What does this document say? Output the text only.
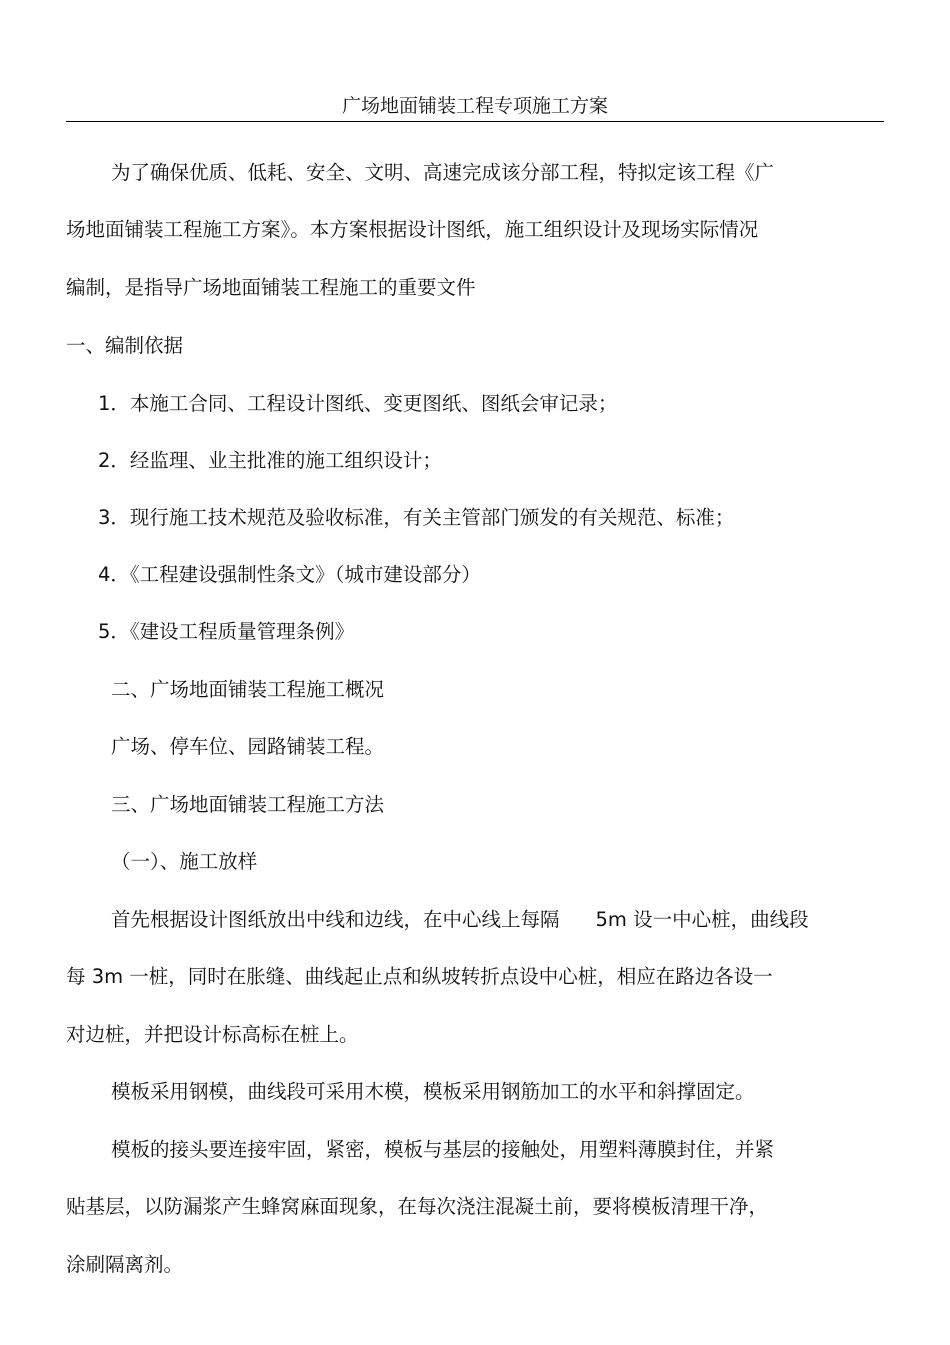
广场地面铺装工程专项施工方案
为了确保优质、低耗、安全、文明、高速完成该分部工程，特拟定该工程《广
场地面铺装工程施工方案》。本方案根据设计图纸，施工组织设计及现场实际情况
编制，是指导广场地面铺装工程施工的重要文件
一、编制依据
1．本施工合同、工程设计图纸、变更图纸、图纸会审记录；
2．经监理、业主批准的施工组织设计；
3．现行施工技术规范及验收标准，有关主管部门颁发的有关规范、标准；
4．《工程建设强制性条文》（城市建设部分）
5．《建设工程质量管理条例》
二、广场地面铺装工程施工概况
广场、停车位、园路铺装工程。
三、广场地面铺装工程施工方法
（一）、施工放样
首先根据设计图纸放出中线和边线，在中心线上每隔 5m 设一中心桩，曲线段
每 3m 一桩，同时在胀缝、曲线起止点和纵坡转折点设中心桩，相应在路边各设一
对边桩，并把设计标高标在桩上。
模板采用钢模，曲线段可采用木模，模板采用钢筋加工的水平和斜撑固定。
模板的接头要连接牢固，紧密，模板与基层的接触处，用塑料薄膜封住，并紧
贴基层，以防漏浆产生蜂窝麻面现象，在每次浇注混凝土前，要将模板清理干净，
涂刷隔离剂。
